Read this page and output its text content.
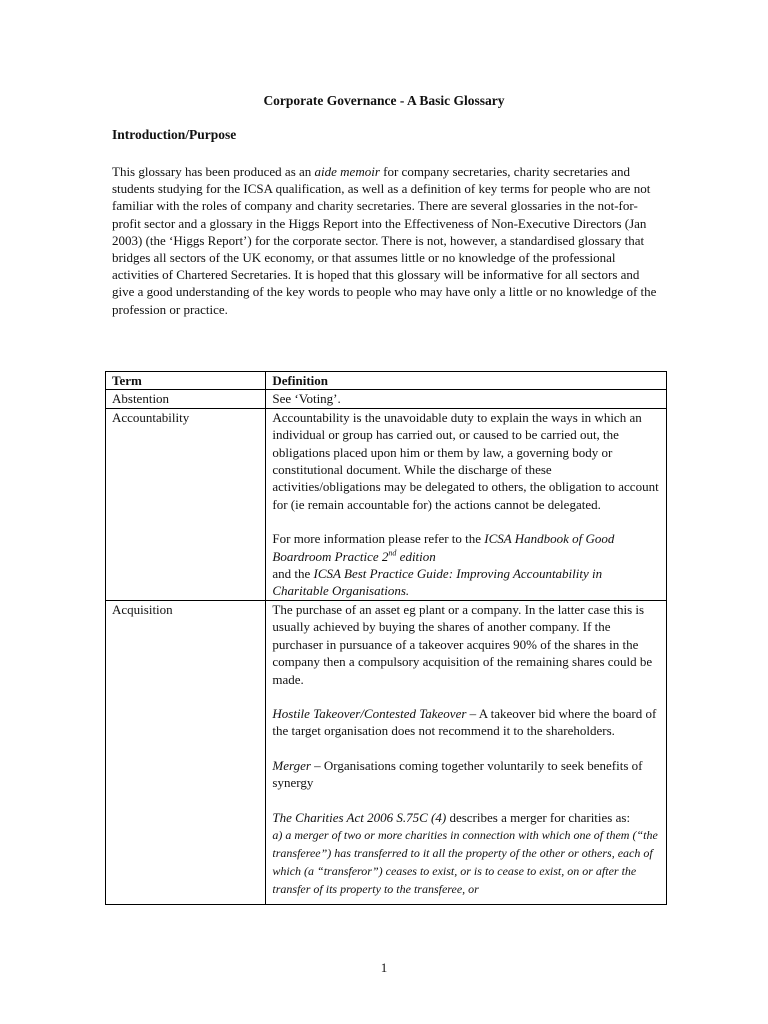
Corporate Governance - A Basic Glossary
Introduction/Purpose

This glossary has been produced as an aide memoir for company secretaries, charity secretaries and students studying for the ICSA qualification, as well as a definition of key terms for people who are not familiar with the roles of company and charity secretaries. There are several glossaries in the not-for-profit sector and a glossary in the Higgs Report into the Effectiveness of Non-Executive Directors (Jan 2003) (the ‘Higgs Report’) for the corporate sector. There is not, however, a standardised glossary that bridges all sectors of the UK economy, or that assumes little or no knowledge of the professional activities of Chartered Secretaries. It is hoped that this glossary will be informative for all sectors and give a good understanding of the key words to people who may have only a little or no knowledge of the profession or practice.

Term	Definition
Abstention	See ‘Voting’.
Accountability	Accountability is the unavoidable duty to explain the ways in which an individual or group has carried out, or caused to be carried out, the obligations placed upon him or them by law, a governing body or constitutional document. While the discharge of these activities/obligations may be delegated to others, the obligation to account for (ie remain accountable for) the actions cannot be delegated.

For more information please refer to the ICSA Handbook of Good Boardroom Practice 2nd edition
and the ICSA Best Practice Guide: Improving Accountability in Charitable Organisations.

Acquisition	The purchase of an asset eg plant or a company. In the latter case this is usually achieved by buying the shares of another company. If the purchaser in pursuance of a takeover acquires 90% of the shares in the company then a compulsory acquisition of the remaining shares could be made.

Hostile Takeover/Contested Takeover – A takeover bid where the board of the target organisation does not recommend it to the shareholders.

Merger – Organisations coming together voluntarily to seek benefits of synergy

The Charities Act 2006 S.75C (4) describes a merger for charities as:
a) a merger of two or more charities in connection with which one of them (“the transferee”) has transferred to it all the property of the other or others, each of which (a “transferor”) ceases to exist, or is to cease to exist, on or after the transfer of its property to the transferee, or

1
